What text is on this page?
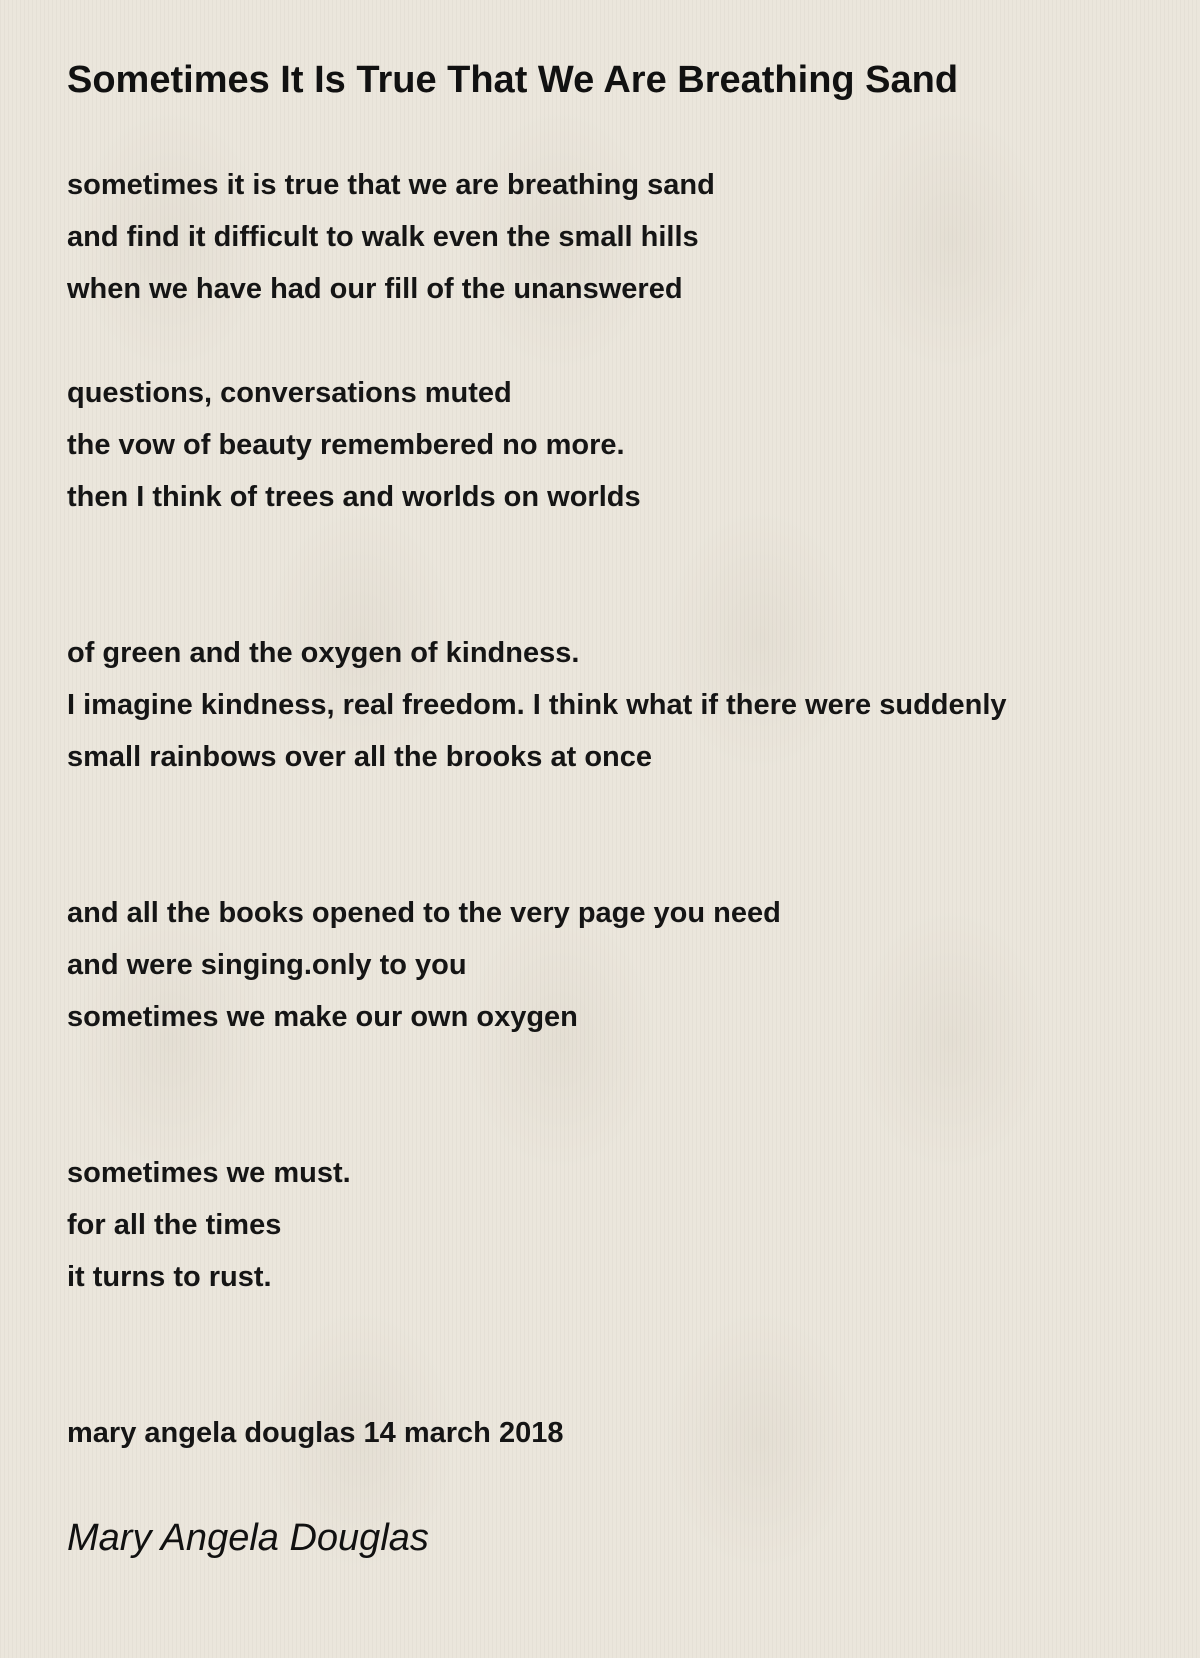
Sometimes It Is True That We Are Breathing Sand
sometimes it is true that we are breathing sand
and find it difficult to walk even the small hills
when we have had our fill of the unanswered
questions, conversations muted
the vow of beauty remembered no more.
then I think of trees and worlds on worlds
of green and the oxygen of kindness.
I imagine kindness, real freedom. I think what if there were suddenly
small rainbows over all the brooks at once
and all the books opened to the very page you need
and were singing.only to you
sometimes we make our own oxygen
sometimes we must.
for all the times
it turns to rust.
mary angela douglas 14 march 2018
Mary Angela Douglas
